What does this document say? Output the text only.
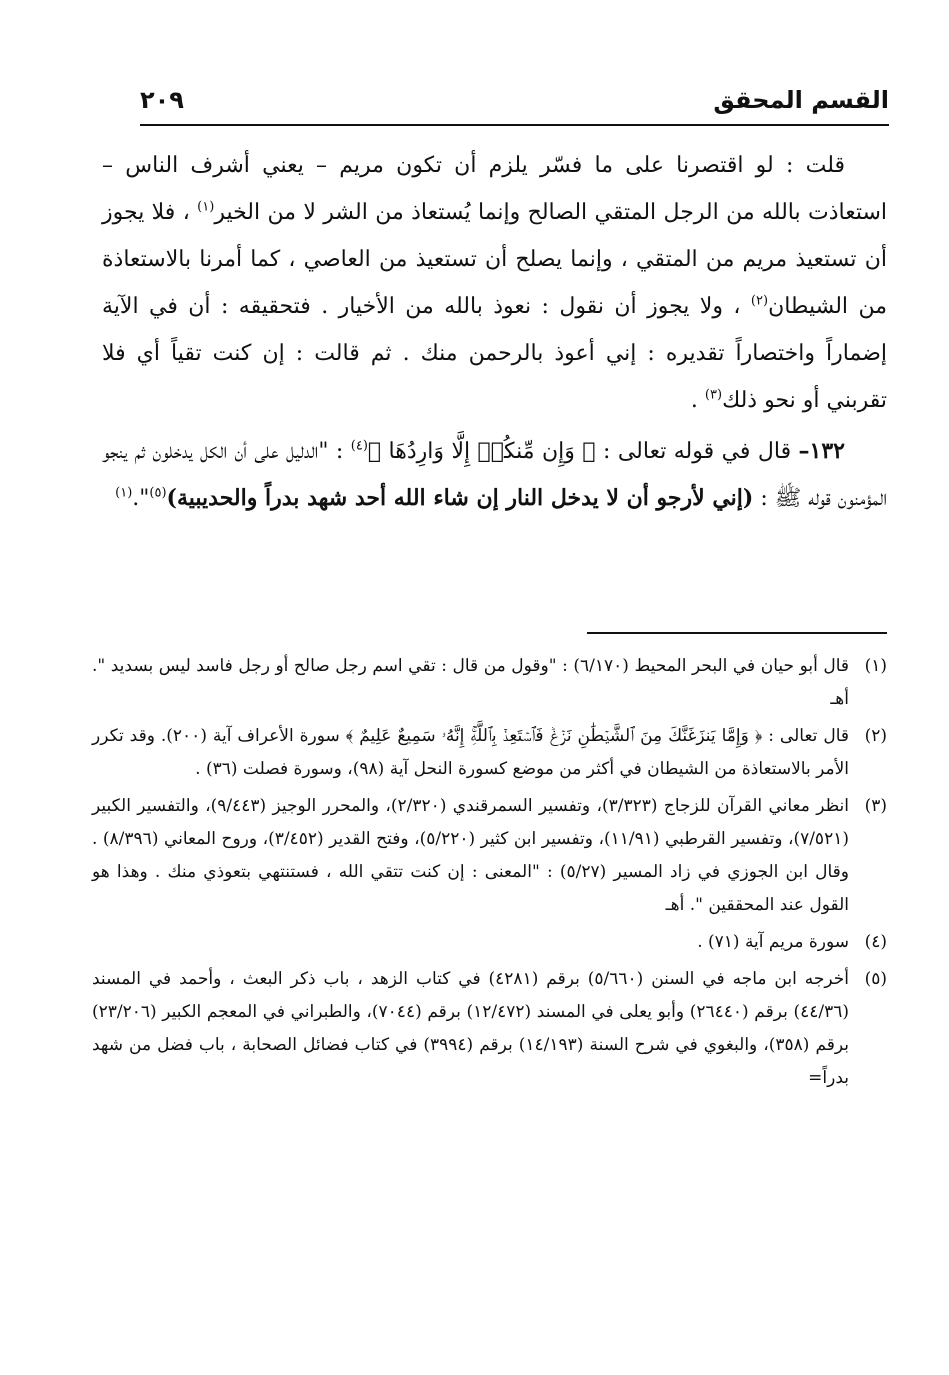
القسم المحقق
٢٠٩

قلت : لو اقتصرنا على ما فسّر يلزم أن تكون مريم – يعني أشرف الناس – استعاذت بالله من الرجل المتقي الصالح وإنما يُستعاذ من الشر لا من الخير$^{(١)}$ ، فلا يجوز أن تستعيذ مريم من المتقي ، وإنما يصلح أن تستعيذ من العاصي ، كما أمرنا بالاستعاذة من الشيطان$^{(٢)}$ ، ولا يجوز أن نقول : نعوذ بالله من الأخيار . فتحقيقه : أن في الآية إضماراً واختصاراً تقديره : إني أعوذ بالرحمن منك . ثم قالت : إن كنت تقياً أي فلا تقربني أو نحو ذلك$^{(٣)}$ .

١٣٢– قال في قوله تعالى : ﴿ وَإِن مِّنكُمۡ إِلَّا وَارِدُهَا ﴾$^{(٤)}$ : "الدليل على أن الكل يدخلون ثم ينجو المؤمنون قوله ﷺ : (إني لأرجو أن لا يدخل النار إن شاء الله أحد شهد بدراً والحديبية)$^{(٥)}$".$^{(١)}$

(١)
قال أبو حيان في البحر المحيط (٦/١٧٠) : "وقول من قال : تقي اسم رجل صالح أو رجل فاسد ليس بسديد ". أهـ
(٢)
قال تعالى : ﴿ وَإِمَّا يَنزَغَنَّكَ مِنَ ٱلشَّيۡطَٰنِ نَزۡغٞ فَٱسۡتَعِذۡ بِٱللَّهِۚ إِنَّهُۥ سَمِيعٌ عَلِيمٌ ﴾ سورة الأعراف آية (٢٠٠). وقد تكرر الأمر بالاستعاذة من الشيطان في أكثر من موضع كسورة النحل آية (٩٨)، وسورة فصلت (٣٦) .
(٣)
انظر معاني القرآن للزجاج (٣/٣٢٣)، وتفسير السمرقندي (٢/٣٢٠)، والمحرر الوجيز (٩/٤٤٣)، والتفسير الكبير (٧/٥٢١)، وتفسير القرطبي (١١/٩١)، وتفسير ابن كثير (٥/٢٢٠)، وفتح القدير (٣/٤٥٢)، وروح المعاني (٨/٣٩٦) . وقال ابن الجوزي في زاد المسير (٥/٢٧) : "المعنى : إن كنت تتقي الله ، فستنتهي بتعوذي منك . وهذا هو القول عند المحققين ". أهـ
(٤)
سورة مريم آية (٧١) .
(٥)
أخرجه ابن ماجه في السنن (٥/٦٦٠) برقم (٤٢٨١) في كتاب الزهد ، باب ذكر البعث ، وأحمد في المسند (٤٤/٣٦) برقم (٢٦٤٤٠) وأبو يعلى في المسند (١٢/٤٧٢) برقم (٧٠٤٤)، والطبراني في المعجم الكبير (٢٣/٢٠٦) برقم (٣٥٨)، والبغوي في شرح السنة (١٤/١٩٣) برقم (٣٩٩٤) في كتاب فضائل الصحابة ، باب فضل من شهد بدراً=
